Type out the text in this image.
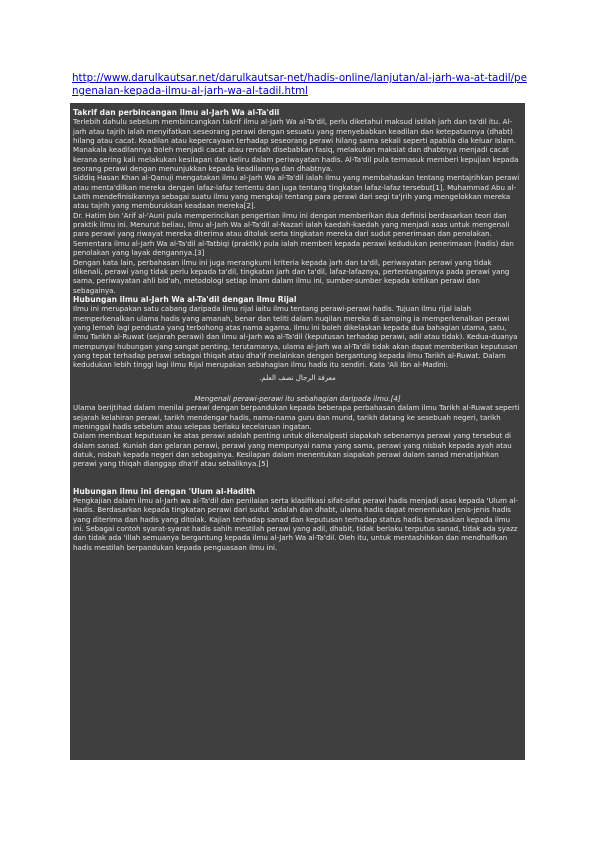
http://www.darulkautsar.net/darulkautsar-net/hadis-online/lanjutan/al-jarh-wa-at-tadil/pengenalan-kepada-ilmu-al-jarh-wa-al-tadil.html

Takrif dan perbincangan ilmu al-Jarh Wa al-Ta'dil

Terlebih dahulu sebelum membincangkan takrif ilmu al-Jarh Wa al-Ta'dil, perlu diketahui maksud istilah jarh dan ta'dil itu. Al-jarh atau tajrih ialah menyifatkan seseorang perawi dengan sesuatu yang menyebabkan keadilan dan ketepatannya (dhabt) hilang atau cacat. Keadilan atau kepercayaan terhadap seseorang perawi hilang sama sekali seperti apabila dia keluar Islam. Manakala keadilannya boleh menjadi cacat atau rendah disebabkan fasiq, melakukan maksiat dan dhabtnya menjadi cacat kerana sering kali melakukan kesilapan dan keliru dalam periwayatan hadis. Al-Ta'dil pula termasuk memberi kepujian kepada seorang perawi dengan menunjukkan kepada keadilannya dan dhabtnya.

Siddiq Hasan Khan al-Qanuji mengatakan ilmu al-Jarh Wa al-Ta'dil ialah ilmu yang membahaskan tentang mentajrihkan perawi atau menta'dilkan mereka dengan lafaz-lafaz tertentu dan juga tentang tingkatan lafaz-lafaz tersebut[1]. Muhammad Abu al-Laith mendefinisikannya sebagai suatu ilmu yang mengkaji tentang para perawi dari segi ta'jrih yang mengelokkan mereka atau tajrih yang memburukkan keadaan mereka[2].

Dr. Hatim bin 'Arif al-'Auni pula memperincikan pengertian ilmu ini dengan memberikan dua definisi berdasarkan teori dan praktik ilmu ini. Menurut beliau, Ilmu al-Jarh Wa al-Ta'dil al-Nazari ialah kaedah-kaedah yang menjadi asas untuk mengenali para perawi yang riwayat mereka diterima atau ditolak serta tingkatan mereka dari sudut penerimaan dan penolakan. Sementara ilmu al-Jarh Wa al-Ta'dil al-Tatbiqi (praktik) pula ialah memberi kepada perawi kedudukan penerimaan (hadis) dan penolakan yang layak dengannya.[3]

Dengan kata lain, perbahasan ilmu ini juga merangkumi kriteria kepada jarh dan ta'dil, periwayatan perawi yang tidak dikenali, perawi yang tidak perlu kepada ta'dil, tingkatan jarh dan ta'dil, lafaz-lafaznya, pertentangannya pada perawi yang sama, periwayatan ahli bid'ah, metodologi setiap imam dalam ilmu ini, sumber-sumber kepada kritikan perawi dan sebagainya.

Hubungan ilmu al-Jarh Wa al-Ta'dil dengan ilmu Rijal

Ilmu ini merupakan satu cabang daripada ilmu rijal iaitu ilmu tentang perawi-perawi hadis. Tujuan ilmu rijal ialah memperkenalkan ulama hadis yang amanah, benar dan teliti dalam nuqilan mereka di samping ia memperkenalkan perawi yang lemah lagi pendusta yang terbohong atas nama agama. Ilmu ini boleh dikelaskan kepada dua bahagian utama, satu, ilmu Tarikh al-Ruwat (sejarah perawi) dan ilmu al-Jarh wa al-Ta'dil (keputusan terhadap perawi, adil atau tidak). Kedua-duanya mempunyai hubungan yang sangat penting, terutamanya, ulama al-Jarh wa al-Ta'dil tidak akan dapat memberikan keputusan yang tepat terhadap perawi sebagai thiqah atau dha'if melainkan dengan bergantung kepada ilmu Tarikh al-Ruwat. Dalam kedudukan lebih tinggi lagi ilmu Rijal merupakan sebahagian ilmu hadis itu sendiri. Kata 'Ali Ibn al-Madini:

معرفة الرجال نصف العلم.

Mengenali perawi-perawi itu sebahagian daripada ilmu.[4]

Ulama berijtihad dalam menilai perawi dengan berpandukan kepada beberapa perbahasan dalam ilmu Tarikh al-Ruwat seperti sejarah kelahiran perawi, tarikh mendengar hadis, nama-nama guru dan murid, tarikh datang ke sesebuah negeri, tarikh meninggal hadis sebelum atau selepas berlaku kecelaruan ingatan.

Dalam membuat keputusan ke atas perawi adalah penting untuk dikenalpasti siapakah sebenarnya perawi yang tersebut di dalam sanad. Kuniah dan gelaran perawi, perawi yang mempunyai nama yang sama, perawi yang nisbah kepada ayah atau datuk, nisbah kepada negeri dan sebagainya. Kesilapan dalam menentukan siapakah perawi dalam sanad menatijahkan perawi yang thiqah dianggap dha'if atau sebaliknya.[5]

Hubungan ilmu ini dengan 'Ulum al-Hadith

Pengkajian dalam ilmu al-Jarh wa al-Ta'dil dan penilaian serta klasifikasi sifat-sifat perawi hadis menjadi asas kepada 'Ulum al-Hadis. Berdasarkan kepada tingkatan perawi dari sudut 'adalah dan dhabt, ulama hadis dapat menentukan jenis-jenis hadis yang diterima dan hadis yang ditolak. Kajian terhadap sanad dan keputusan terhadap status hadis berasaskan kepada ilmu ini. Sebagai contoh syarat-syarat hadis sahih mestilah perawi yang adil, dhabit, tidak berlaku terputus sanad, tidak ada syazz dan tidak ada 'illah semuanya bergantung kepada ilmu al-Jarh Wa al-Ta'dil. Oleh itu, untuk mentashihkan dan mendhaifkan hadis mestilah berpandukan kepada penguasaan ilmu ini.
